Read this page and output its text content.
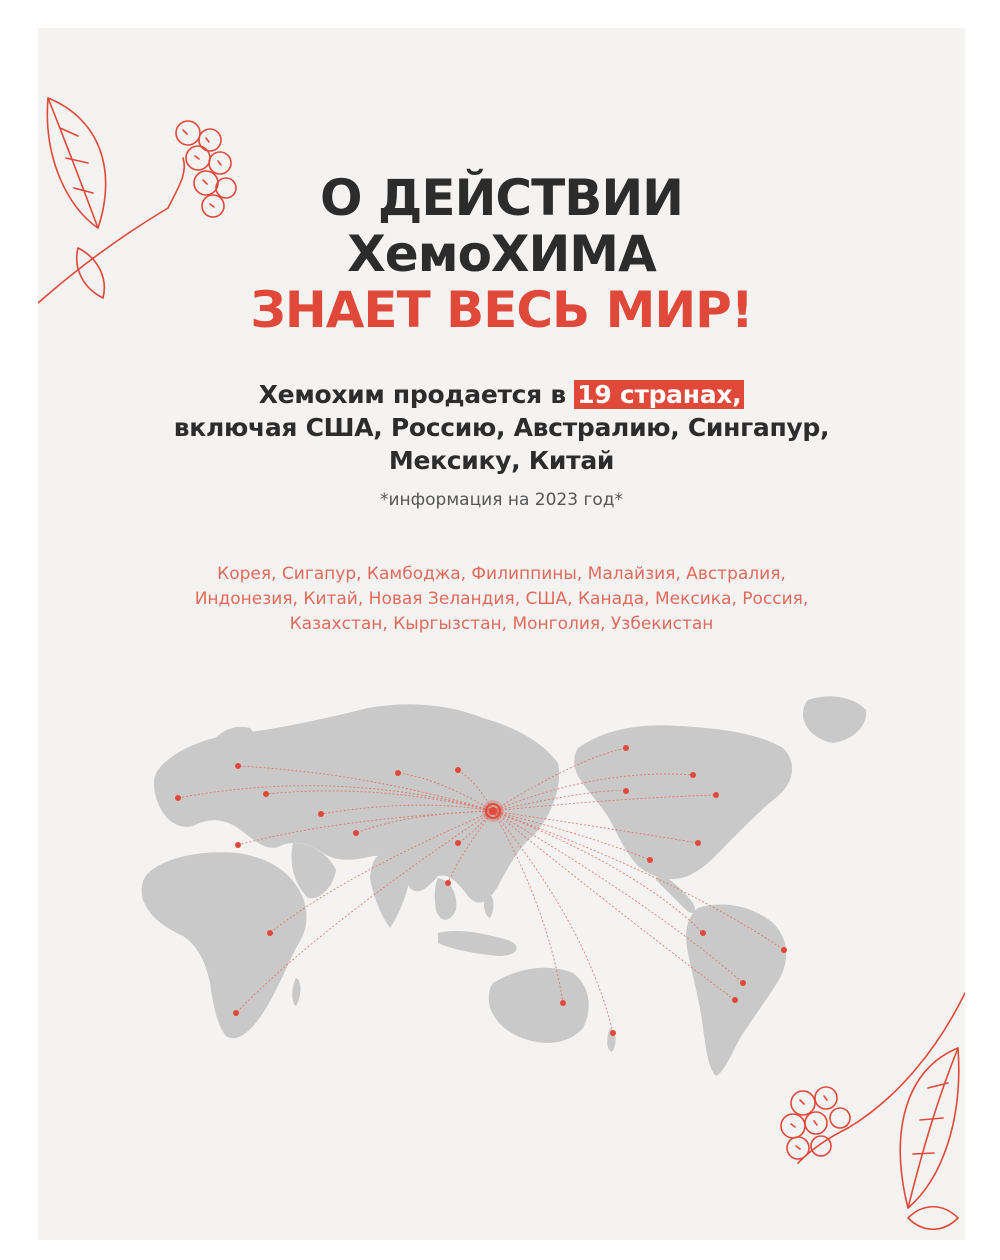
О ДЕЙСТВИИ
ХемоХИМА
ЗНАЕТ ВЕСЬ МИР!
Хемохим продается в 19 странах,
включая США, Россию, Австралию, Сингапур,
Мексику, Китай
*информация на 2023 год*
Корея, Сигапур, Камбоджа, Филиппины, Малайзия, Австралия,
Индонезия, Китай, Новая Зеландия, США, Канада, Мексика, Россия,
Казахстан, Кыргызстан, Монголия, Узбекистан
